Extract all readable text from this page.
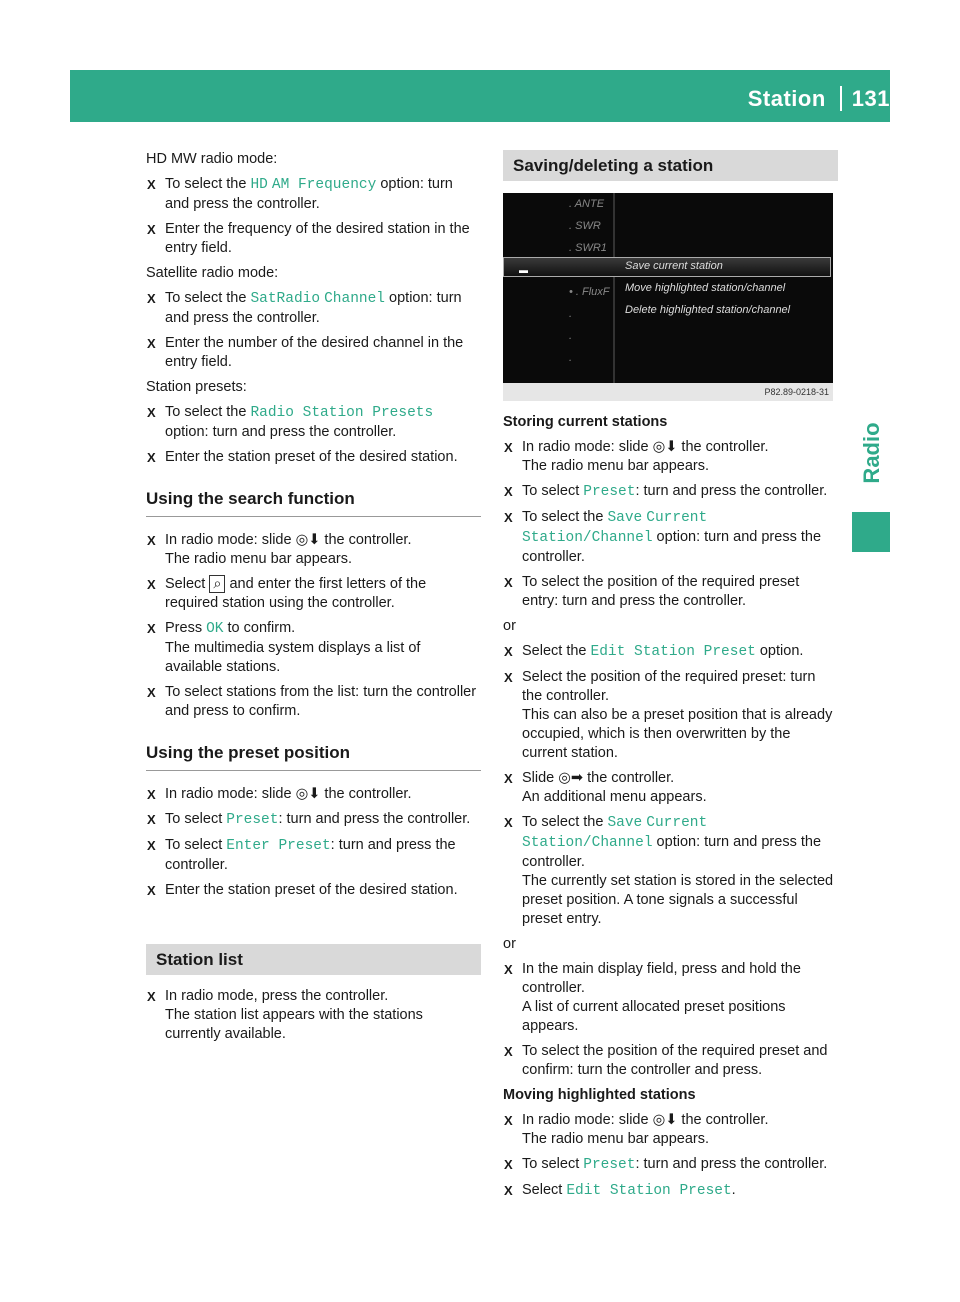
Station 131
Radio

HD MW radio mode:

X To select the HD AM Frequency option: turn and press the controller.
X Enter the frequency of the desired station in the entry field.

Satellite radio mode:

X To select the SatRadio Channel option: turn and press the controller.
X Enter the number of the desired channel in the entry field.

Station presets:

X To select the Radio Station Presets
option: turn and press the controller.
X Enter the station preset of the desired station.
Using the search function
X In radio mode: slide ◎⬇ the controller.
The radio menu bar appears.
X Select ⌕ and enter the first letters of the required station using the controller.
X Press OK to confirm.
The multimedia system displays a list of available stations.
X To select stations from the list: turn the controller and press to confirm.
Using the preset position
X In radio mode: slide ◎⬇ the controller.
X To select Preset: turn and press the controller.
X To select Enter Preset: turn and press the controller.
X Enter the station preset of the desired station.
Station list
X In radio mode, press the controller.
The station list appears with the stations currently available.
Saving/deleting a station
. ANTE
. SWR
. SWR1
• . FluxF
.
.
.
▬	Save current station
Move highlighted station/channel
Delete highlighted station/channel
P82.89-0218-31
Storing current stations
X In radio mode: slide ◎⬇ the controller.
The radio menu bar appears.
X To select Preset: turn and press the controller.
X To select the Save Current Station/Channel option: turn and press the controller.
X To select the position of the required preset entry: turn and press the controller.

or

X Select the Edit Station Preset option.
X Select the position of the required preset: turn the controller.
This can also be a preset position that is already occupied, which is then overwritten by the current station.
X Slide ◎➡ the controller.
An additional menu appears.
X To select the Save Current Station/Channel option: turn and press the controller.
The currently set station is stored in the selected preset position. A tone signals a successful preset entry.

or

X In the main display field, press and hold the controller.
A list of current allocated preset positions appears.
X To select the position of the required preset and confirm: turn the controller and press.
Moving highlighted stations
X In radio mode: slide ◎⬇ the controller.
The radio menu bar appears.
X To select Preset: turn and press the controller.
X Select Edit Station Preset.
